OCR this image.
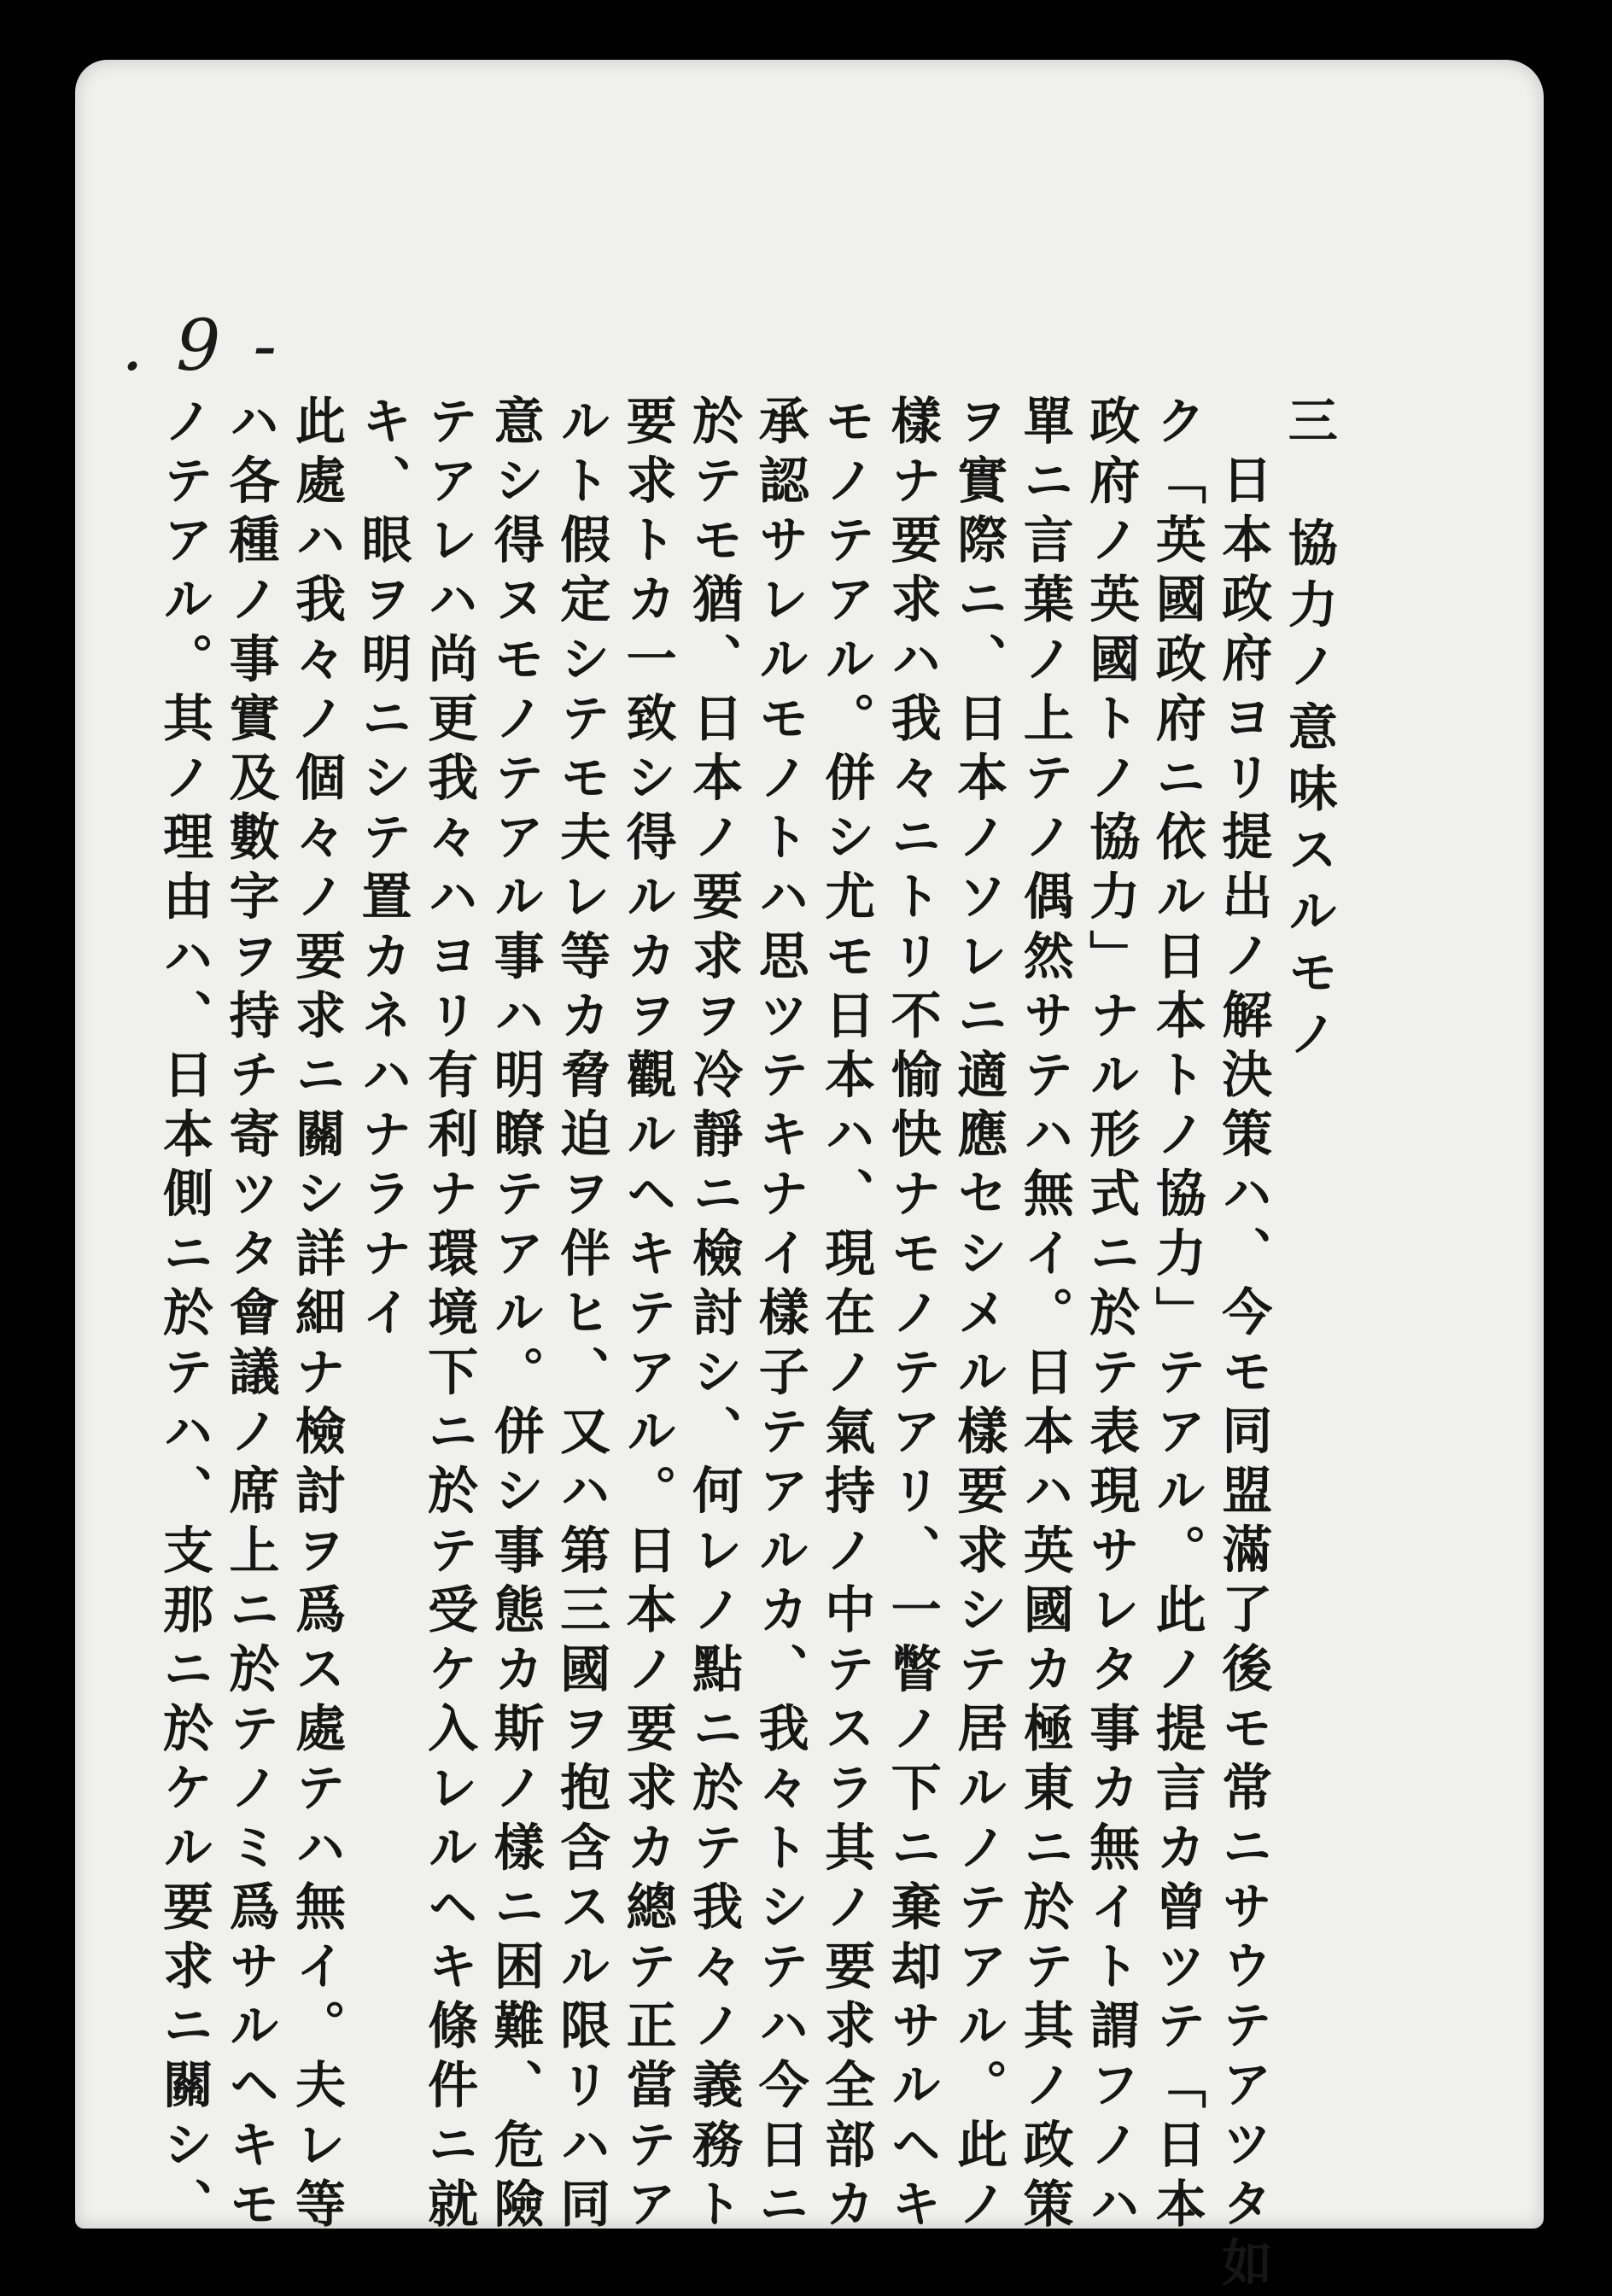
. 9 -
三　協力ノ意味スルモノ
日本政府ヨリ提出ノ解決策ハ、今モ同盟滿了後モ常ニサウテアツタ如
ク「英國政府ニ依ル日本トノ協力」テアル。此ノ提言カ曾ツテ「日本
政府ノ英國トノ協力」ナル形式ニ於テ表現サレタ事カ無イト謂フノハ
單ニ言葉ノ上テノ偶然サテハ無イ。日本ハ英國カ極東ニ於テ其ノ政策
ヲ實際ニ、日本ノソレニ適應セシメル樣要求シテ居ルノテアル。此ノ
樣ナ要求ハ我々ニトリ不愉快ナモノテアリ、一瞥ノ下ニ棄却サルヘキ
モノテアル。併シ尤モ日本ハ、現在ノ氣持ノ中テスラ其ノ要求全部カ
承認サレルモノトハ思ツテキナイ樣子テアルカ、我々トシテハ今日ニ
於テモ猶、日本ノ要求ヲ冷靜ニ檢討シ、何レノ點ニ於テ我々ノ義務ト
要求トカ一致シ得ルカヲ觀ルヘキテアル。日本ノ要求カ總テ正當テア
ルト假定シテモ夫レ等カ脅迫ヲ伴ヒ、又ハ第三國ヲ抱含スル限リハ同
意シ得ヌモノテアル事ハ明瞭テアル。併シ事態カ斯ノ樣ニ困難、危險
テアレハ尚更我々ハヨリ有利ナ環境下ニ於テ受ケ入レルヘキ條件ニ就
キ、眼ヲ明ニシテ置カネハナラナイ
此處ハ我々ノ個々ノ要求ニ關シ詳細ナ檢討ヲ爲ス處テハ無イ。夫レ等
ハ各種ノ事實及數字ヲ持チ寄ツタ會議ノ席上ニ於テノミ爲サルヘキモ
ノテアル。其ノ理由ハ、日本側ニ於テハ、支那ニ於ケル要求ニ關シ、
